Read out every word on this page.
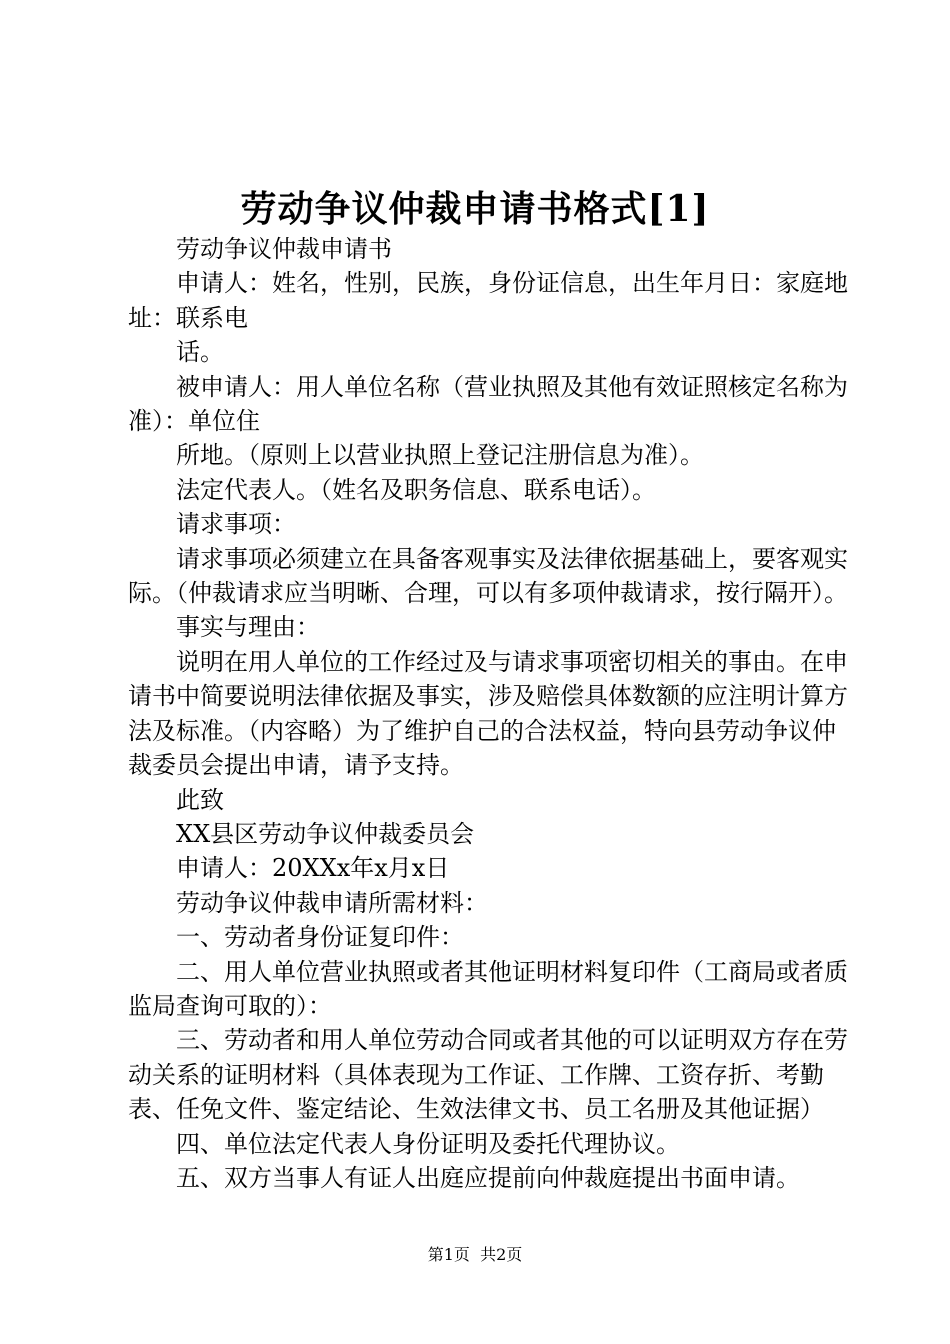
劳动争议仲裁申请书格式[1]

劳动争议仲裁申请书

申请人：姓名，性别，民族，身份证信息，出生年月日：家庭地址：联系电

话。

被申请人：用人单位名称（营业执照及其他有效证照核定名称为准）：单位住

所地。（原则上以营业执照上登记注册信息为准）。

法定代表人。（姓名及职务信息、联系电话）。

请求事项：

请求事项必须建立在具备客观事实及法律依据基础上，要客观实际。（仲裁请求应当明晰、合理，可以有多项仲裁请求，按行隔开）。

事实与理由：

说明在用人单位的工作经过及与请求事项密切相关的事由。在申请书中简要说明法律依据及事实，涉及赔偿具体数额的应注明计算方法及标准。（内容略）为了维护自己的合法权益，特向县劳动争议仲裁委员会提出申请，请予支持。

此致

XX县区劳动争议仲裁委员会

申请人：20XXx年x月x日

劳动争议仲裁申请所需材料：

一、劳动者身份证复印件：

二、用人单位营业执照或者其他证明材料复印件（工商局或者质监局查询可取的）：

三、劳动者和用人单位劳动合同或者其他的可以证明双方存在劳动关系的证明材料（具体表现为工作证、工作牌、工资存折、考勤表、任免文件、鉴定结论、生效法律文书、员工名册及其他证据）

四、单位法定代表人身份证明及委托代理协议。

五、双方当事人有证人出庭应提前向仲裁庭提出书面申请。

第1页 共2页
